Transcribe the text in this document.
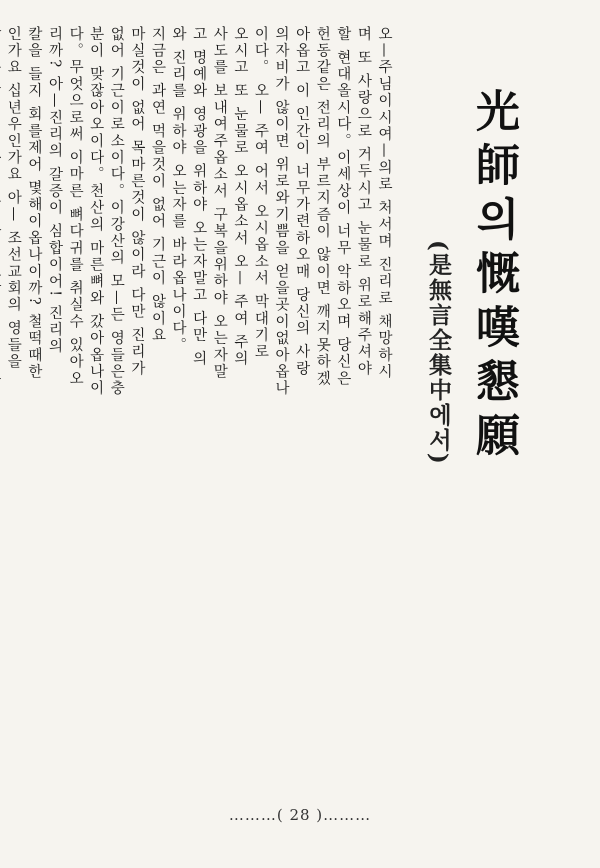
光師의慨嘆懇願
(是無言全集中에서)
오—주님이시여—의로 처서며 진리로 채망하시
며 또 사랑으로 거두시고 눈물로 위로해주셔야
할 현대올시다。이세상이 너무 악하오며 당신은
헌동같은 전리의 부르지즘이 않이면 깨지못하겠
아옵고 이 인간이 너무가련하오매 당신의 사랑
의자비가 않이면 위로와기쁨을 얻을곳이없아옵나
이다。 오— 주여 어서 오시옵소서 막대기로
오시고 또 눈물로 오시옵소서 오— 주여 주의
사도를 보내여주옵소서 구복을위하야 오는자말
고 명예와 영광을 위하야 오는자말고 다만 의
와 진리를 위하야 오는자를 바라옵나이다。
지금은 과연 먹을것이 없어 기근이 않이요
마실것이 없어 목마른것이 않이라 다만 진리가
없어 기근이로소이다。이강산의 모—든 영들은충
분이 맞잖아오이다。천산의 마른뼈와 갔아옵나이
다。무엇으로써 이마른 뼈다귀를 취실수 있아오
리까? 아—진리의 갈증이 심합이어! 진리의
칼을 들지 회를제어 몇해이옵나이까? 철떡때한
인가요 십년우인가요 아— 조선교회의 영들을
………( 28 )………
